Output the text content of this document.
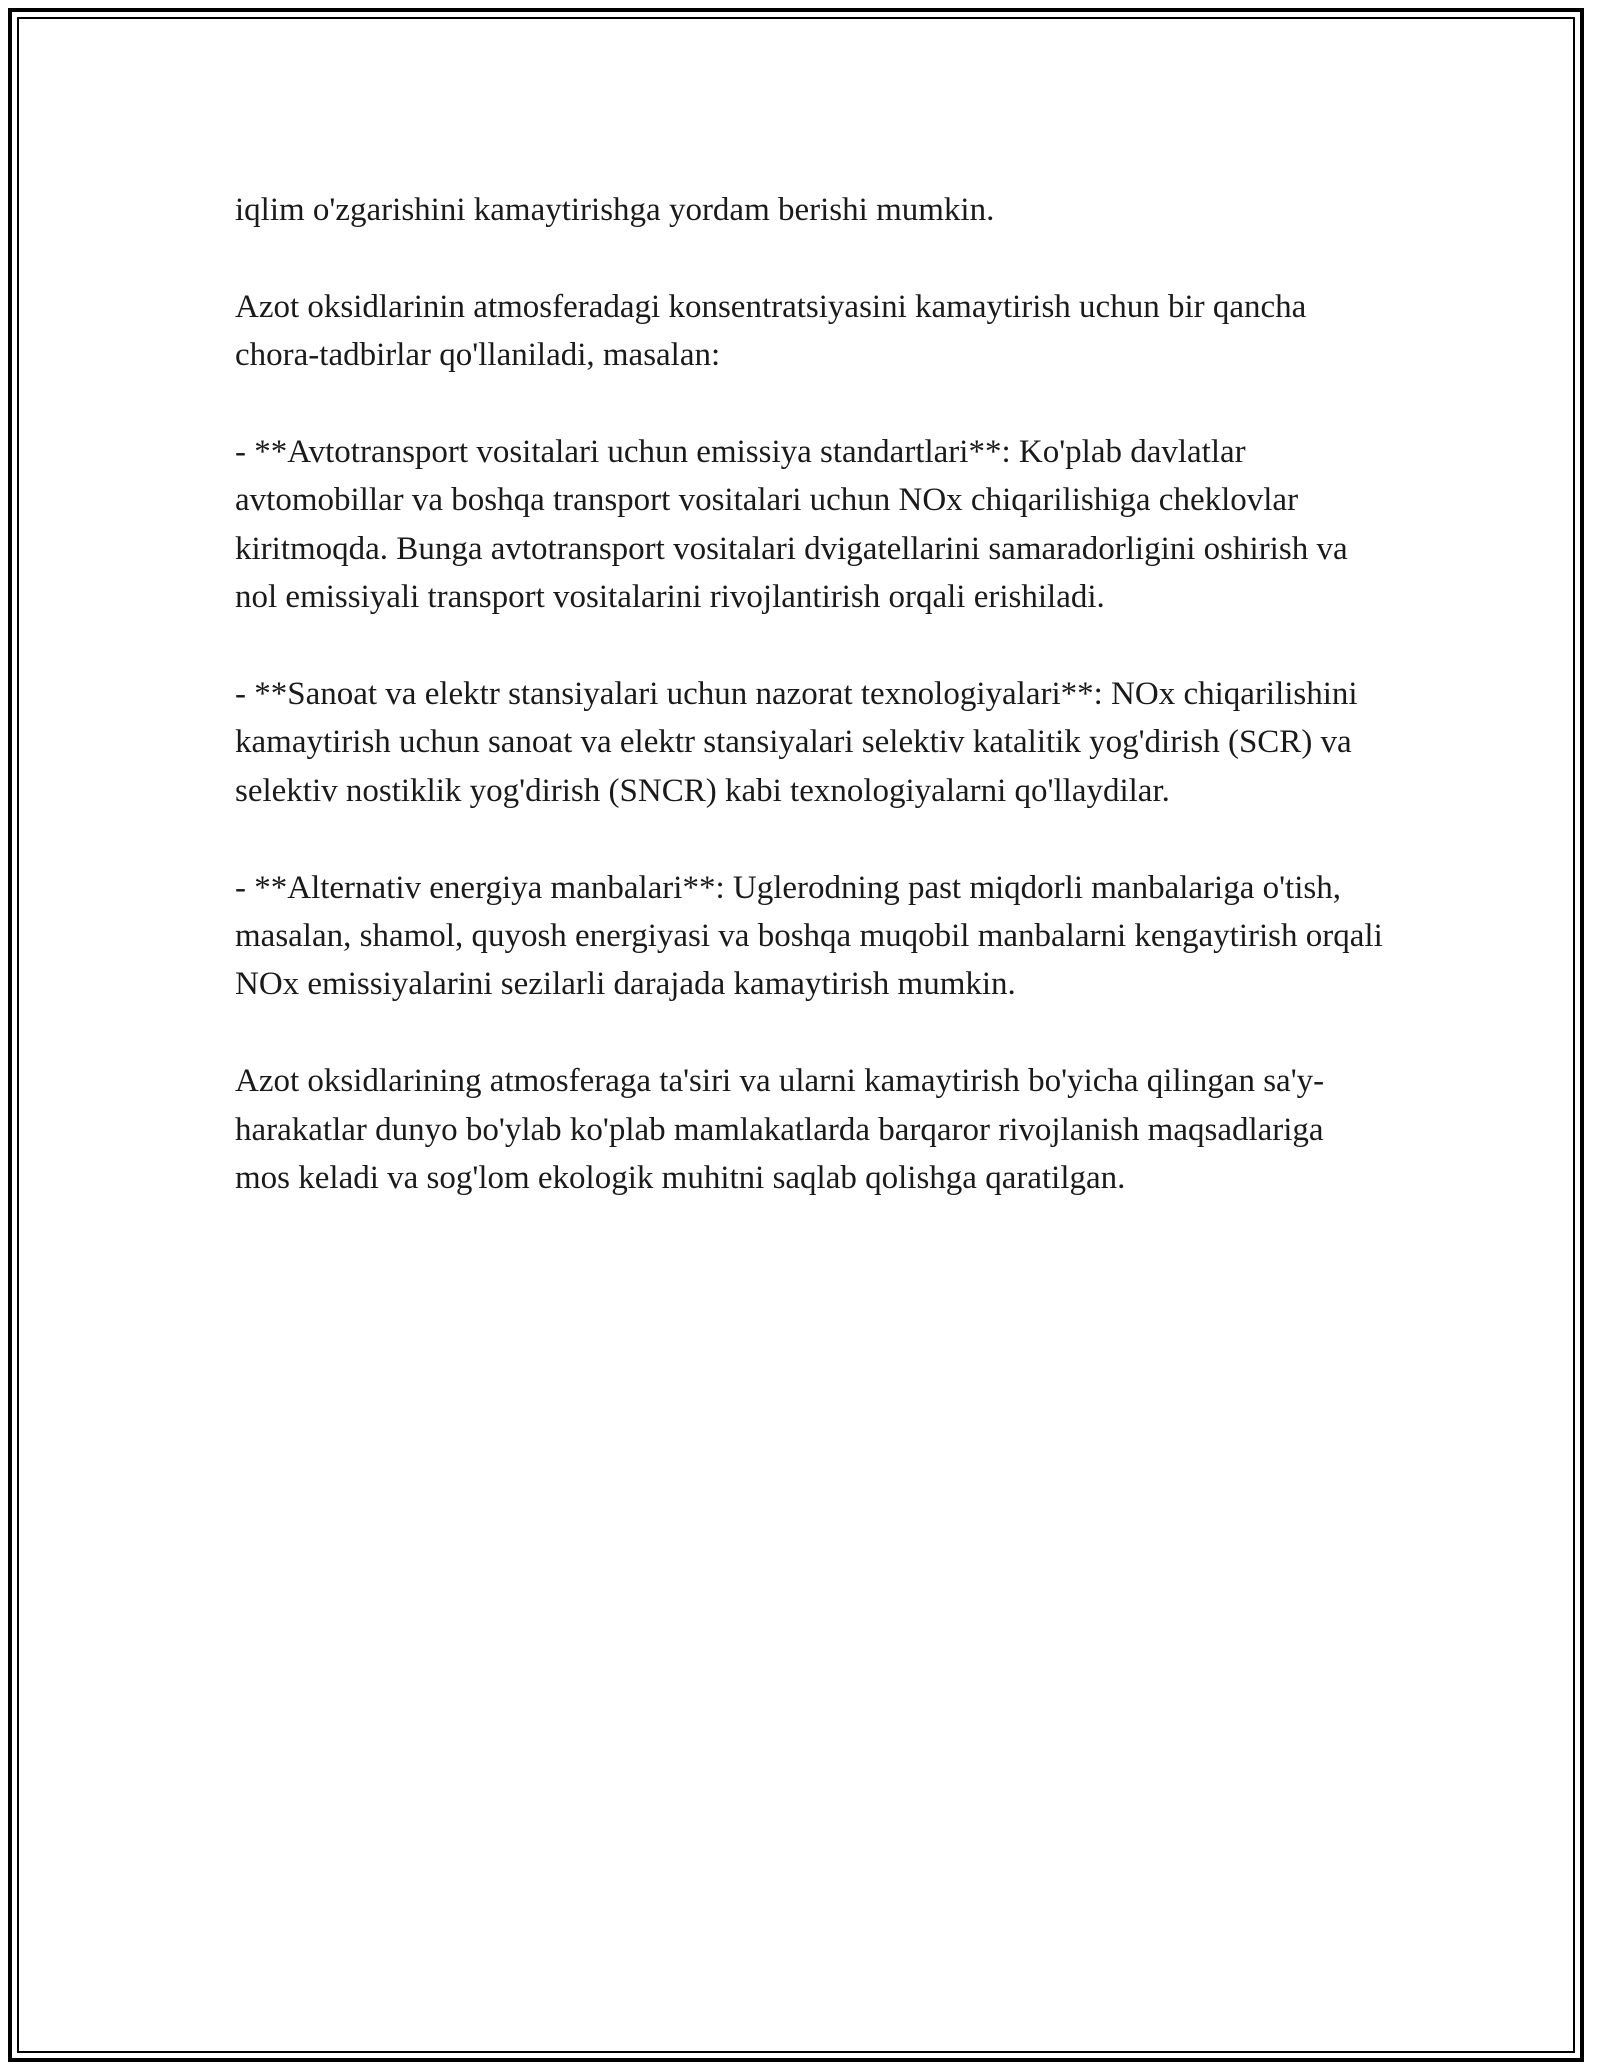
iqlim o'zgarishini kamaytirishga yordam berishi mumkin.

Azot oksidlarinin atmosferadagi konsentratsiyasini kamaytirish uchun bir qancha chora-tadbirlar qo'llaniladi, masalan:

- **Avtotransport vositalari uchun emissiya standartlari**: Ko'plab davlatlar avtomobillar va boshqa transport vositalari uchun NOx chiqarilishiga cheklovlar kiritmoqda. Bunga avtotransport vositalari dvigatellarini samaradorligini oshirish va nol emissiyali transport vositalarini rivojlantirish orqali erishiladi.

- **Sanoat va elektr stansiyalari uchun nazorat texnologiyalari**: NOx chiqarilishini kamaytirish uchun sanoat va elektr stansiyalari selektiv katalitik yog'dirish (SCR) va selektiv nostiklik yog'dirish (SNCR) kabi texnologiyalarni qo'llaydilar.

- **Alternativ energiya manbalari**: Uglerodning past miqdorli manbalariga o'tish, masalan, shamol, quyosh energiyasi va boshqa muqobil manbalarni kengaytirish orqali NOx emissiyalarini sezilarli darajada kamaytirish mumkin.

Azot oksidlarining atmosferaga ta'siri va ularni kamaytirish bo'yicha qilingan sa'y-harakatlar dunyo bo'ylab ko'plab mamlakatlarda barqaror rivojlanish maqsadlariga mos keladi va sog'lom ekologik muhitni saqlab qolishga qaratilgan.
